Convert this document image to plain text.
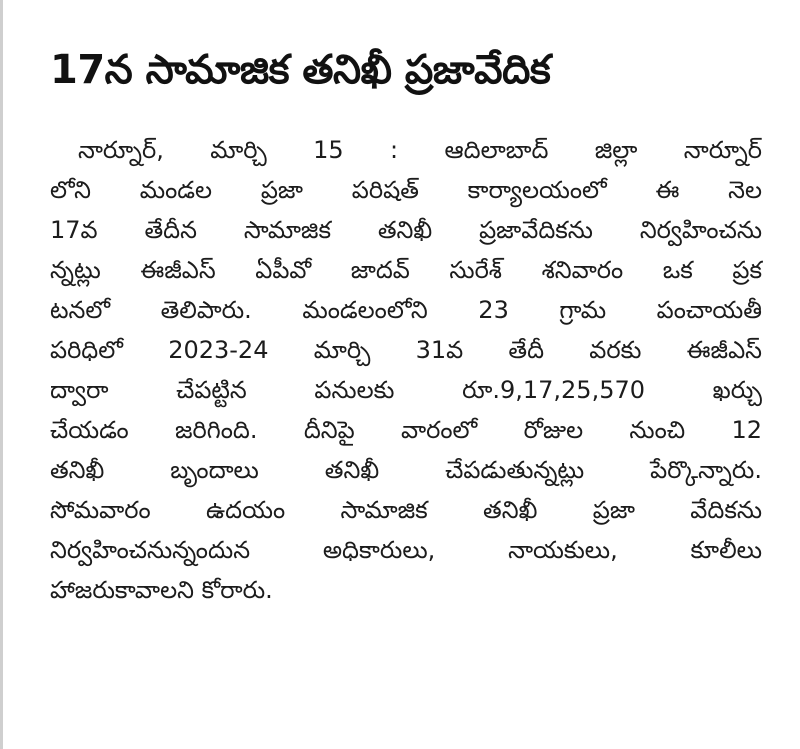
17న సామాజిక తనిఖీ ప్రజావేదిక
నార్నూర్, మార్చి 15 : ఆదిలాబాద్ జిల్లా నార్నూర్
లోని మండల ప్రజా పరిషత్ కార్యాలయంలో ఈ నెల
17వ తేదీన సామాజిక తనిఖీ ప్రజావేదికను నిర్వహించను
న్నట్లు ఈజీఎస్ ఏపీవో జాదవ్ సురేశ్ శనివారం ఒక ప్రక
టనలో తెలిపారు. మండలంలోని 23 గ్రామ పంచాయతీ
పరిధిలో 2023-24 మార్చి 31వ తేదీ వరకు ఈజీఎస్
ద్వారా చేపట్టిన పనులకు రూ.9,17,25,570 ఖర్చు
చేయడం జరిగింది. దీనిపై వారంలో రోజుల నుంచి 12
తనిఖీ బృందాలు తనిఖీ చేపడుతున్నట్లు పేర్కొన్నారు.
సోమవారం ఉదయం సామాజిక తనిఖీ ప్రజా వేదికను
నిర్వహించనున్నందున అధికారులు, నాయకులు, కూలీలు
హాజరుకావాలని కోరారు.
